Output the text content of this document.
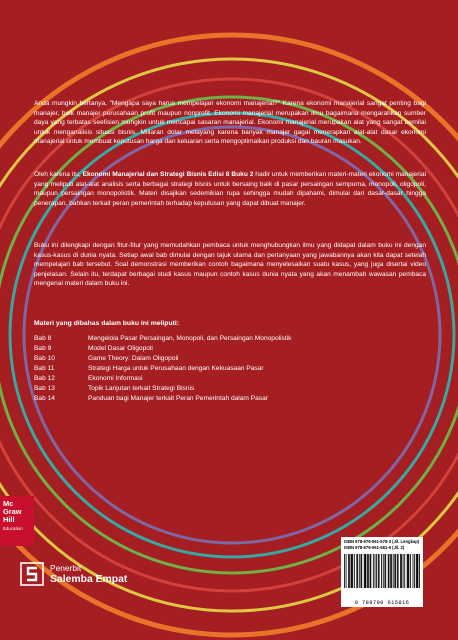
Anda mungkin bertanya, "Mengapa saya harus mempelajari ekonomi manajerial?" Karena ekonomi manajerial sangat penting bagi manajer, baik manajer perusahaan profit maupun nonprofit. Ekonomi manajerial merupakan ilmu bagaimana mengarahkan sumber daya yang terbatas seefisien mungkin untuk mencapai sasaran manajerial. Ekonomi manajerial merupakan alat yang sangat bernilai untuk menganalisis situasi bisnis. Miliaran dolar melayang karena banyak manajer gagal menerapkan alat-alat dasar ekonomi manajerial untuk membuat keputusan harga dan keluaran serta mengoptimalkan produksi dan bauran masukan.

Oleh karena itu, Ekonomi Manajerial dan Strategi Bisnis Edisi 8 Buku 2 hadir untuk memberikan materi-materi ekonomi manajerial yang meliputi alat-alat analisis serta berbagai strategi bisnis untuk bersaing baik di pasar persaingan sempurna, monopoli, oligopoli, maupun persaingan monopolistik. Materi disajikan sedemikian rupa sehingga mudah dipahami, dimulai dari dasar-dasar hingga penerapan, bahkan terkait peran pemerintah terhadap keputusan yang dapat dibuat manajer.

Buku ini dilengkapi dengan fitur-fitur yang memudahkan pembaca untuk menghubungkan ilmu yang didapat dalam buku ini dengan kasus-kasus di dunia nyata. Setiap awal bab dimulai dengan tajuk utama dan pertanyaan yang jawabannya akan kita dapat setelah mempelajari bab tersebut. Soal demonstrasi memberikan contoh bagaimana menyelesaikan suatu kasus, yang juga disertai video penjelasan. Selain itu, terdapat berbagai studi kasus maupun contoh kasus dunia nyata yang akan menambah wawasan pembaca mengenai materi dalam buku ini.

Materi yang dibahas dalam buku ini meliputi:

Bab 8	Mengelola Pasar Persaingan, Monopoli, dan Persaingan Monopolistik
Bab 9	Model Dasar Oligopoli
Bab 10	Game Theory: Dalam Oligopoli
Bab 11	Strategi Harga untuk Perusahaan dengan Kekuasaan Pasar
Bab 12	Ekonomi Informasi
Bab 13	Topik Lanjutan terkait Strategi Bisnis
Bab 14	Panduan bagi Manajer terkait Peran Pemerintah dalam Pasar
Mc
Graw
Hill
Education
Penerbit
Salemba Empat
ISBN 978-979-061-579-3 (Jil. Lengkap)
ISBN 978-979-061-581-6 (Jil. 2)
9 789790 615816
